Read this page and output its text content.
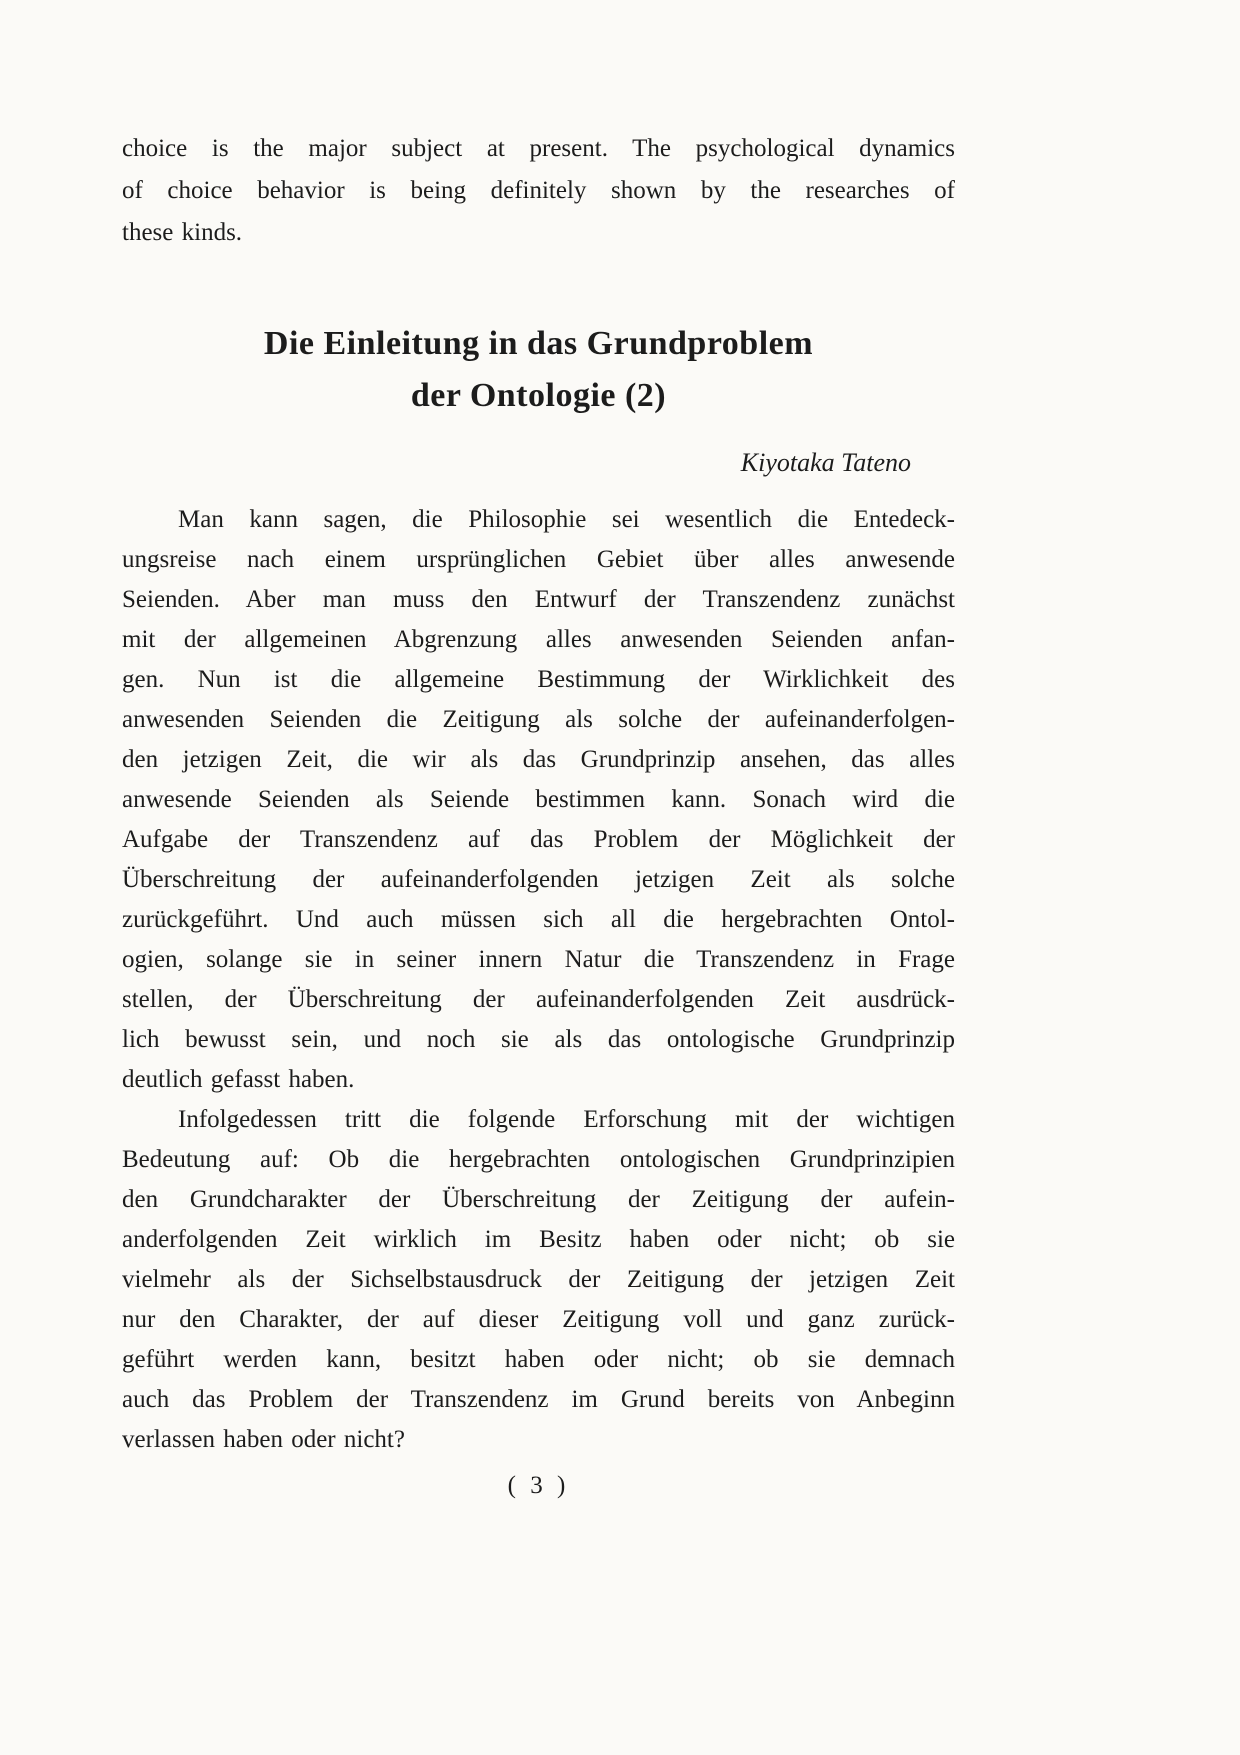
choice is the major subject at present. The psychological dynamics
of choice behavior is being definitely shown by the researches of
these kinds.
Die Einleitung in das Grundproblem
der Ontologie (2)
Kiyotaka Tateno
Man kann sagen, die Philosophie sei wesentlich die Entedeck-
ungsreise nach einem ursprünglichen Gebiet über alles anwesende
Seienden. Aber man muss den Entwurf der Transzendenz zunächst
mit der allgemeinen Abgrenzung alles anwesenden Seienden anfan-
gen. Nun ist die allgemeine Bestimmung der Wirklichkeit des
anwesenden Seienden die Zeitigung als solche der aufeinanderfolgen-
den jetzigen Zeit, die wir als das Grundprinzip ansehen, das alles
anwesende Seienden als Seiende bestimmen kann. Sonach wird die
Aufgabe der Transzendenz auf das Problem der Möglichkeit der
Überschreitung der aufeinanderfolgenden jetzigen Zeit als solche
zurückgeführt. Und auch müssen sich all die hergebrachten Ontol-
ogien, solange sie in seiner innern Natur die Transzendenz in Frage
stellen, der Überschreitung der aufeinanderfolgenden Zeit ausdrück-
lich bewusst sein, und noch sie als das ontologische Grundprinzip
deutlich gefasst haben.
Infolgedessen tritt die folgende Erforschung mit der wichtigen
Bedeutung auf: Ob die hergebrachten ontologischen Grundprinzipien
den Grundcharakter der Überschreitung der Zeitigung der aufein-
anderfolgenden Zeit wirklich im Besitz haben oder nicht; ob sie
vielmehr als der Sichselbstausdruck der Zeitigung der jetzigen Zeit
nur den Charakter, der auf dieser Zeitigung voll und ganz zurück-
geführt werden kann, besitzt haben oder nicht; ob sie demnach
auch das Problem der Transzendenz im Grund bereits von Anbeginn
verlassen haben oder nicht?
( 3 )
